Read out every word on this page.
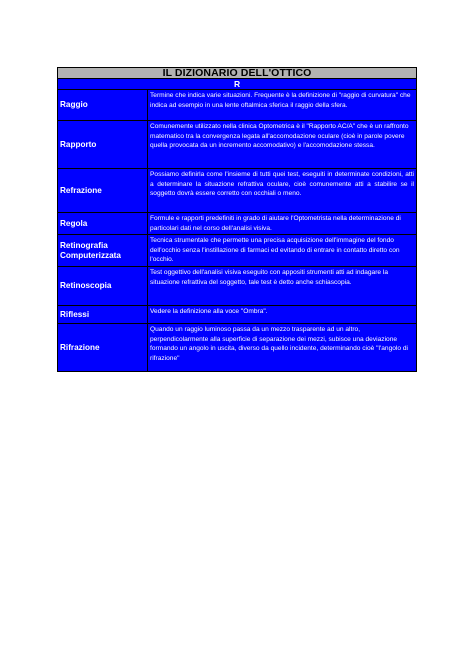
IL DIZIONARIO DELL'OTTICO	
R	
Raggio	Termine che indica varie situazioni. Frequente è la definizione di "raggio di curvatura" che indica ad esempio in una lente oftalmica sferica il raggio della sfera.
Rapporto	Comunemente utilizzato nella clinica Optometrica è il "Rapporto AC/A" che è un raffronto matematico tra la convergenza legata all'accomodazione oculare (cioè in parole povere quella provocata da un incremento accomodativo) e l'accomodazione stessa.
Refrazione	Possiamo definirla come l'insieme di tutti quei test, eseguiti in determinate condizioni, atti a determinare la situazione refrattiva oculare, cioè comunemente atti a stabilire se il soggetto dovrà essere corretto con occhiali o meno.
Regola	Formule e rapporti predefiniti in grado di aiutare l'Optometrista nella determinazione di particolari dati nel corso dell'analisi visiva.
Retinografia Computerizzata	Tecnica strumentale che permette una precisa acquisizione dell'immagine del fondo dell'occhio senza l'instillazione di farmaci ed evitando di entrare in contatto diretto con l'occhio.
Retinoscopia	Test oggettivo dell'analisi visiva eseguito con appositi strumenti atti ad indagare la situazione refrattiva del soggetto, tale test è detto anche schiascopia.
Riflessi	Vedere la definizione alla voce "Ombra".
Rifrazione	Quando un raggio luminoso passa da un mezzo trasparente ad un altro, perpendicolarmente alla superficie di separazione dei mezzi, subisce una deviazione formando un angolo in uscita, diverso da quello incidente, determinando cioè "l'angolo di rifrazione"
